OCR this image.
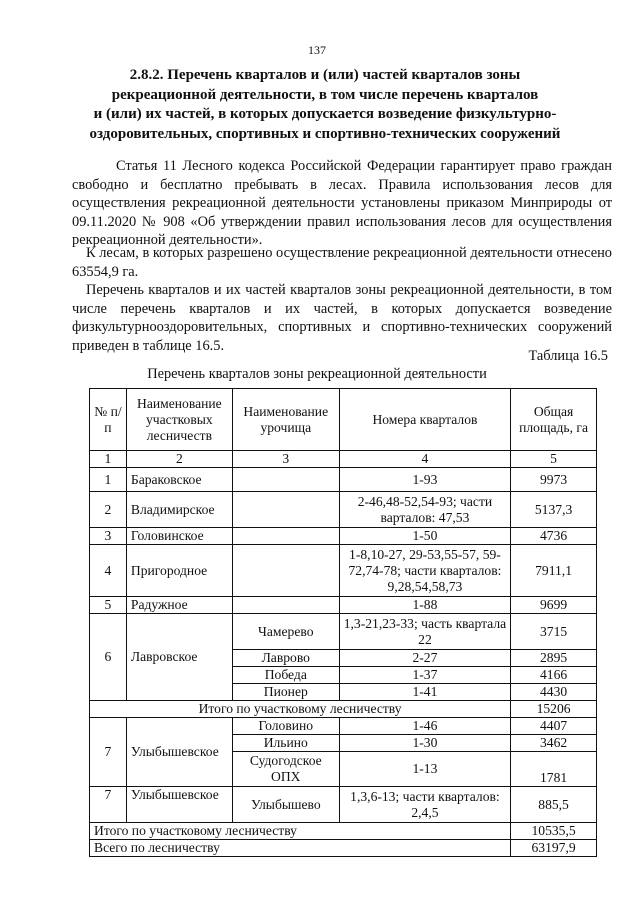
137
2.8.2. Перечень кварталов и (или) частей кварталов зоны
рекреационной деятельности, в том числе перечень кварталов
и (или) их частей, в которых допускается возведение физкультурно-
оздоровительных, спортивных и спортивно-технических сооружений
Статья 11 Лесного кодекса Российской Федерации гарантирует право граждан свободно и бесплатно пребывать в лесах. Правила использования лесов для осуществления рекреационной деятельности установлены приказом Минприроды от 09.11.2020 № 908 «Об утверждении правил использования лесов для осуществления рекреационной деятельности».
К лесам, в которых разрешено осуществление рекреационной деятельности отнесено 63554,9 га.
Перечень кварталов и их частей кварталов зоны рекреационной деятельности, в том числе перечень кварталов и их частей, в которых допускается возведение физкультурнооздоровительных, спортивных и спортивно-технических сооружений приведен в таблице 16.5.
Таблица 16.5
Перечень кварталов зоны рекреационной деятельности
№ п/п	Наименование участковых лесничеств	Наименование урочища	Номера кварталов	Общая площадь, га
1	2	3	4	5
1	Бараковское		1-93	9973
2	Владимирское		2-46,48-52,54-93; части варталов: 47,53	5137,3
3	Головинское		1-50	4736
4	Пригородное		1-8,10-27, 29-53,55-57, 59-72,74-78; части кварталов: 9,28,54,58,73	7911,1
5	Радужное		1-88	9699
6	Лавровское	Чамерево	1,3-21,23-33; часть квартала 22	3715
		Лаврово	2-27	2895
		Победа	1-37	4166
		Пионер	1-41	4430
Итого по участковому лесничеству				15206
7	Улыбышевское	Головино	1-46	4407
		Ильино	1-30	3462
		Судогодское ОПХ	1-13	1781
7	Улыбышевское	Улыбышево	1,3,6-13; части кварталов: 2,4,5	885,5
Итого по участковому лесничеству				10535,5
Всего по лесничеству				63197,9
